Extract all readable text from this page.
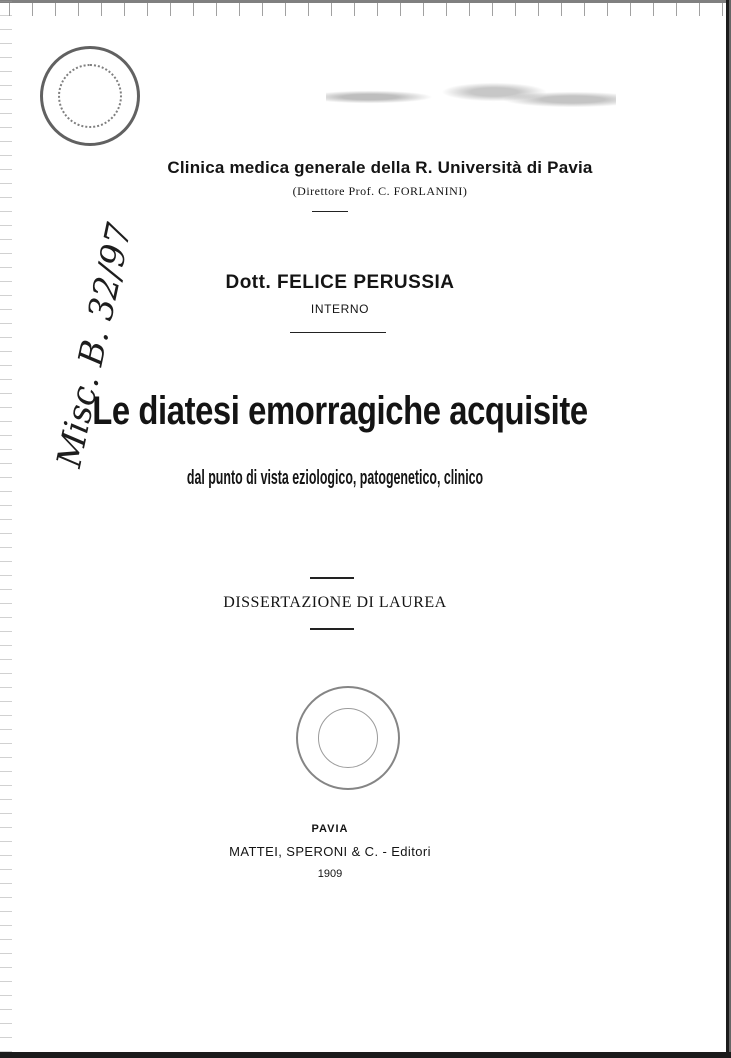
Misc. B. 32/97
Clinica medica generale della R. Università di Pavia
(Direttore Prof. C. FORLANINI)
Dott. FELICE PERUSSIA
INTERNO
Le diatesi emorragiche acquisite
dal punto di vista eziologico, patogenetico, clinico
DISSERTAZIONE DI LAUREA
PAVIA
MATTEI, SPERONI & C. - Editori
1909
